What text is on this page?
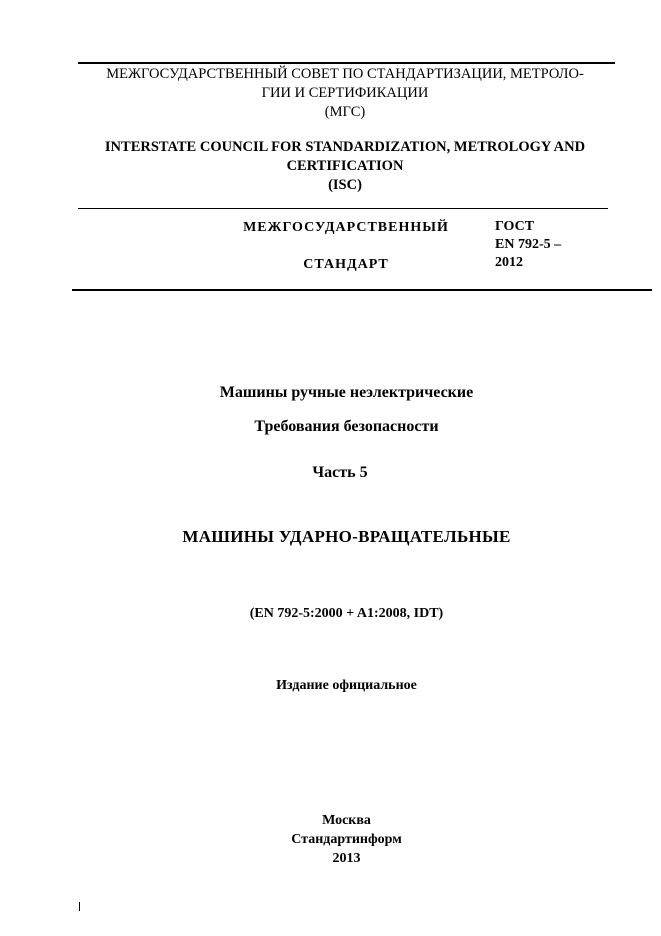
МЕЖГОСУДАРСТВЕННЫЙ СОВЕТ ПО СТАНДАРТИЗАЦИИ, МЕТРОЛО-
ГИИ И СЕРТИФИКАЦИИ
(МГС)
INTERSTATE COUNCIL FOR STANDARDIZATION, METROLOGY AND
CERTIFICATION
(ISC)
МЕЖГОСУДАРСТВЕННЫЙ
СТАНДАРТ
ГОСТ
EN 792-5 –
2012
Машины ручные неэлектрические
Требования безопасности
Часть 5
МАШИНЫ УДАРНО-ВРАЩАТЕЛЬНЫЕ
(EN 792-5:2000 + A1:2008, IDT)
Издание официальное
Москва
Стандартинформ
2013
